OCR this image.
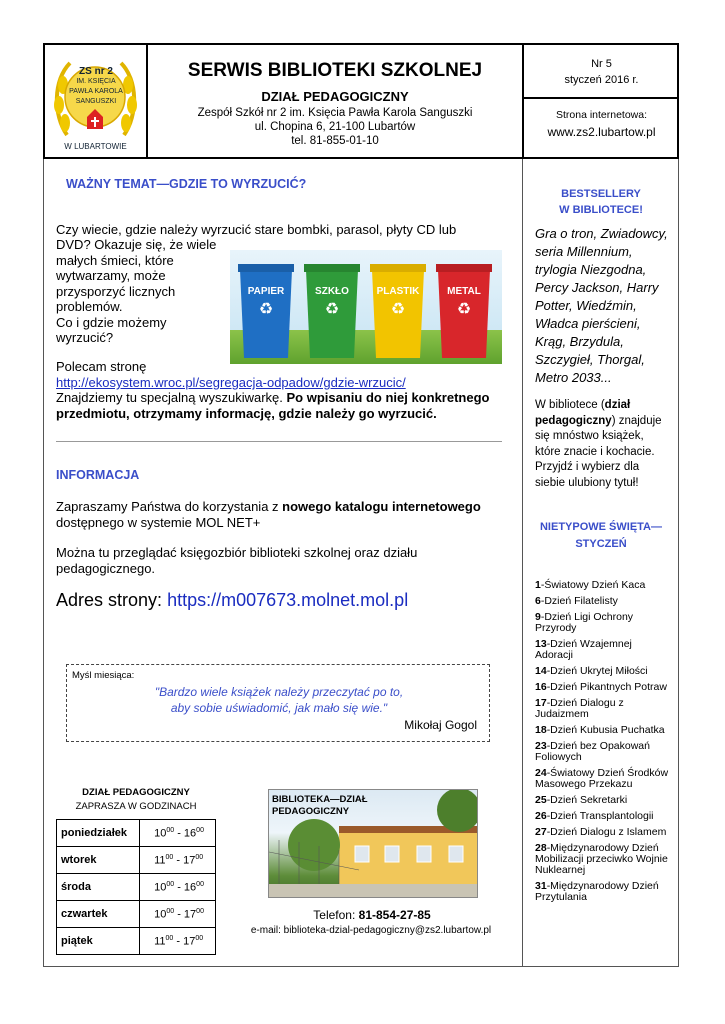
ZS nr 2
IM. KSIĘCIA
PAWŁA KAROLA
SANGUSZKI
W LUBARTOWIE
SERWIS BIBLIOTEKI SZKOLNEJ
DZIAŁ PEDAGOGICZNY
Zespół Szkół nr 2 im. Księcia Pawła Karola Sanguszki
ul. Chopina 6, 21-100 Lubartów
tel. 81-855-01-10
Nr 5
styczeń 2016 r.
Strona internetowa:
www.zs2.lubartow.pl
WAŻNY TEMAT—GDZIE TO WYRZUCIĆ?
Czy wiecie, gdzie należy wyrzucić stare bombki, parasol, płyty CD lub
DVD? Okazuje się, że wiele
małych śmieci, które
wytwarzamy, może
przysporzyć licznych
problemów.
Co i gdzie możemy
wyrzucić?
♻	♻	♻	♻
PAPIER	SZKŁO	PLASTIK	METAL
Polecam stronę
http://ekosystem.wroc.pl/segregacja-odpadow/gdzie-wrzucic/
Znajdziemy tu specjalną wyszukiwarkę. Po wpisaniu do niej konkretnego przedmiotu, otrzymamy informację, gdzie należy go wyrzucić.
INFORMACJA
Zapraszamy Państwa do korzystania z nowego katalogu internetowego
dostępnego w systemie MOL NET+
Można tu przeglądać księgozbiór biblioteki szkolnej oraz działu pedagogicznego.
Adres strony: https://m007673.molnet.mol.pl
Myśl miesiąca:
"Bardzo wiele książek należy przeczytać po to,
aby sobie uświadomić, jak mało się wie."
Mikołaj Gogol
DZIAŁ PEDAGOGICZNY
ZAPRASZA W GODZINACH
poniedziałek	$10^{00} - 16^{00}$
wtorek	$11^{00} - 17^{00}$
środa	$10^{00} - 16^{00}$
czwartek	$10^{00} - 17^{00}$
piątek	$11^{00} - 17^{00}$
BIBLIOTEKA—DZIAŁ PEDAGOGICZNY
Telefon: 81-854-27-85
e-mail: biblioteka-dzial-pedagogiczny@zs2.lubartow.pl
BESTSELLERY
W BIBLIOTECE!
Gra o tron, Zwiadowcy, seria Millennium, trylogia Niezgodna, Percy Jackson, Harry Potter, Wiedźmin, Władca pierścieni, Krąg, Brzydula, Szczygieł, Thorgal, Metro 2033...
W bibliotece (dział pedagogiczny) znajduje się mnóstwo książek, które znacie i kochacie. Przyjdź i wybierz dla siebie ulubiony tytuł!
NIETYPOWE ŚWIĘTA—
STYCZEŃ
1-Światowy Dzień Kaca
6-Dzień Filatelisty
9-Dzień Ligi Ochrony Przyrody
13-Dzień Wzajemnej Adoracji
14-Dzień Ukrytej Miłości
16-Dzień Pikantnych Potraw
17-Dzień Dialogu z Judaizmem
18-Dzień Kubusia Puchatka
23-Dzień bez Opakowań Foliowych
24-Światowy Dzień Środków Masowego Przekazu
25-Dzień Sekretarki
26-Dzień Transplantologii
27-Dzień Dialogu z Islamem
28-Międzynarodowy Dzień Mobilizacji przeciwko Wojnie Nuklearnej
31-Międzynarodowy Dzień Przytulania
